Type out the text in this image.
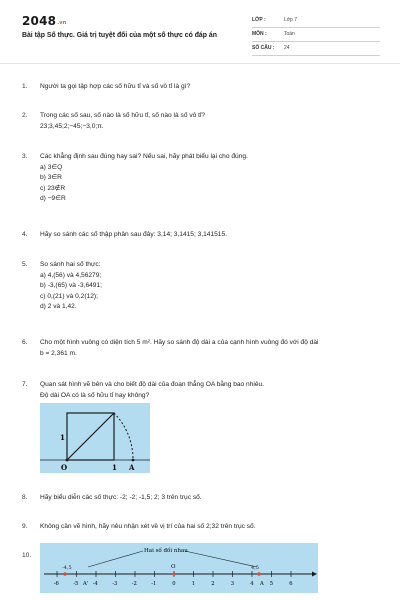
$2048^{.vn}$
Bài tập Số thực. Giá trị tuyệt đối của một số thực có đáp án
LỚP :	Lớp 7
MÔN :	Toán
SỐ CÂU : 24
1.	Người ta gọi tập hợp các số hữu tỉ và số vô tỉ là gì?
2.	Trong các số sau, số nào là số hữu tỉ, số nào là số vô tỉ?
23;3,45;2;−45;−3,0;π.
3.	Các khẳng định sau đúng hay sai? Nếu sai, hãy phát biểu lại cho đúng.
a) 3∈Q
b) 3∈R
c) 23∉R
d) −9∈R
4.	Hãy so sánh các số thập phân sau đây: 3,14; 3,1415; 3,141515.
5.	So sánh hai số thực:
a) 4,(56) và 4,56279;
b) -3,(65) và -3,6491;
c) 0,(21) và 0,2(12);
d) 2 và 1,42.
6.	Cho một hình vuông có diện tích 5 m². Hãy so sánh độ dài a của cạnh hình vuông đó với độ dài
b = 2,361 m.
7.	Quan sát hình vẽ bên và cho biết độ dài của đoạn thẳng OA bằng bao nhiêu.
Độ dài OA có là số hữu tỉ hay không?
1
O	1 A
8.	Hãy biểu diễn các số thực: -2; -2; -1,5; 2; 3 trên trục số.
9.	Không cần vẽ hình, hãy nêu nhận xét về vị trí của hai số 2;32 trên trục số.
10.
Hai số đối nhau
-6	-5 A' -4	-3	-2	-1	0	1	2	3	4 A 5	6
-4,5	4,5
O
